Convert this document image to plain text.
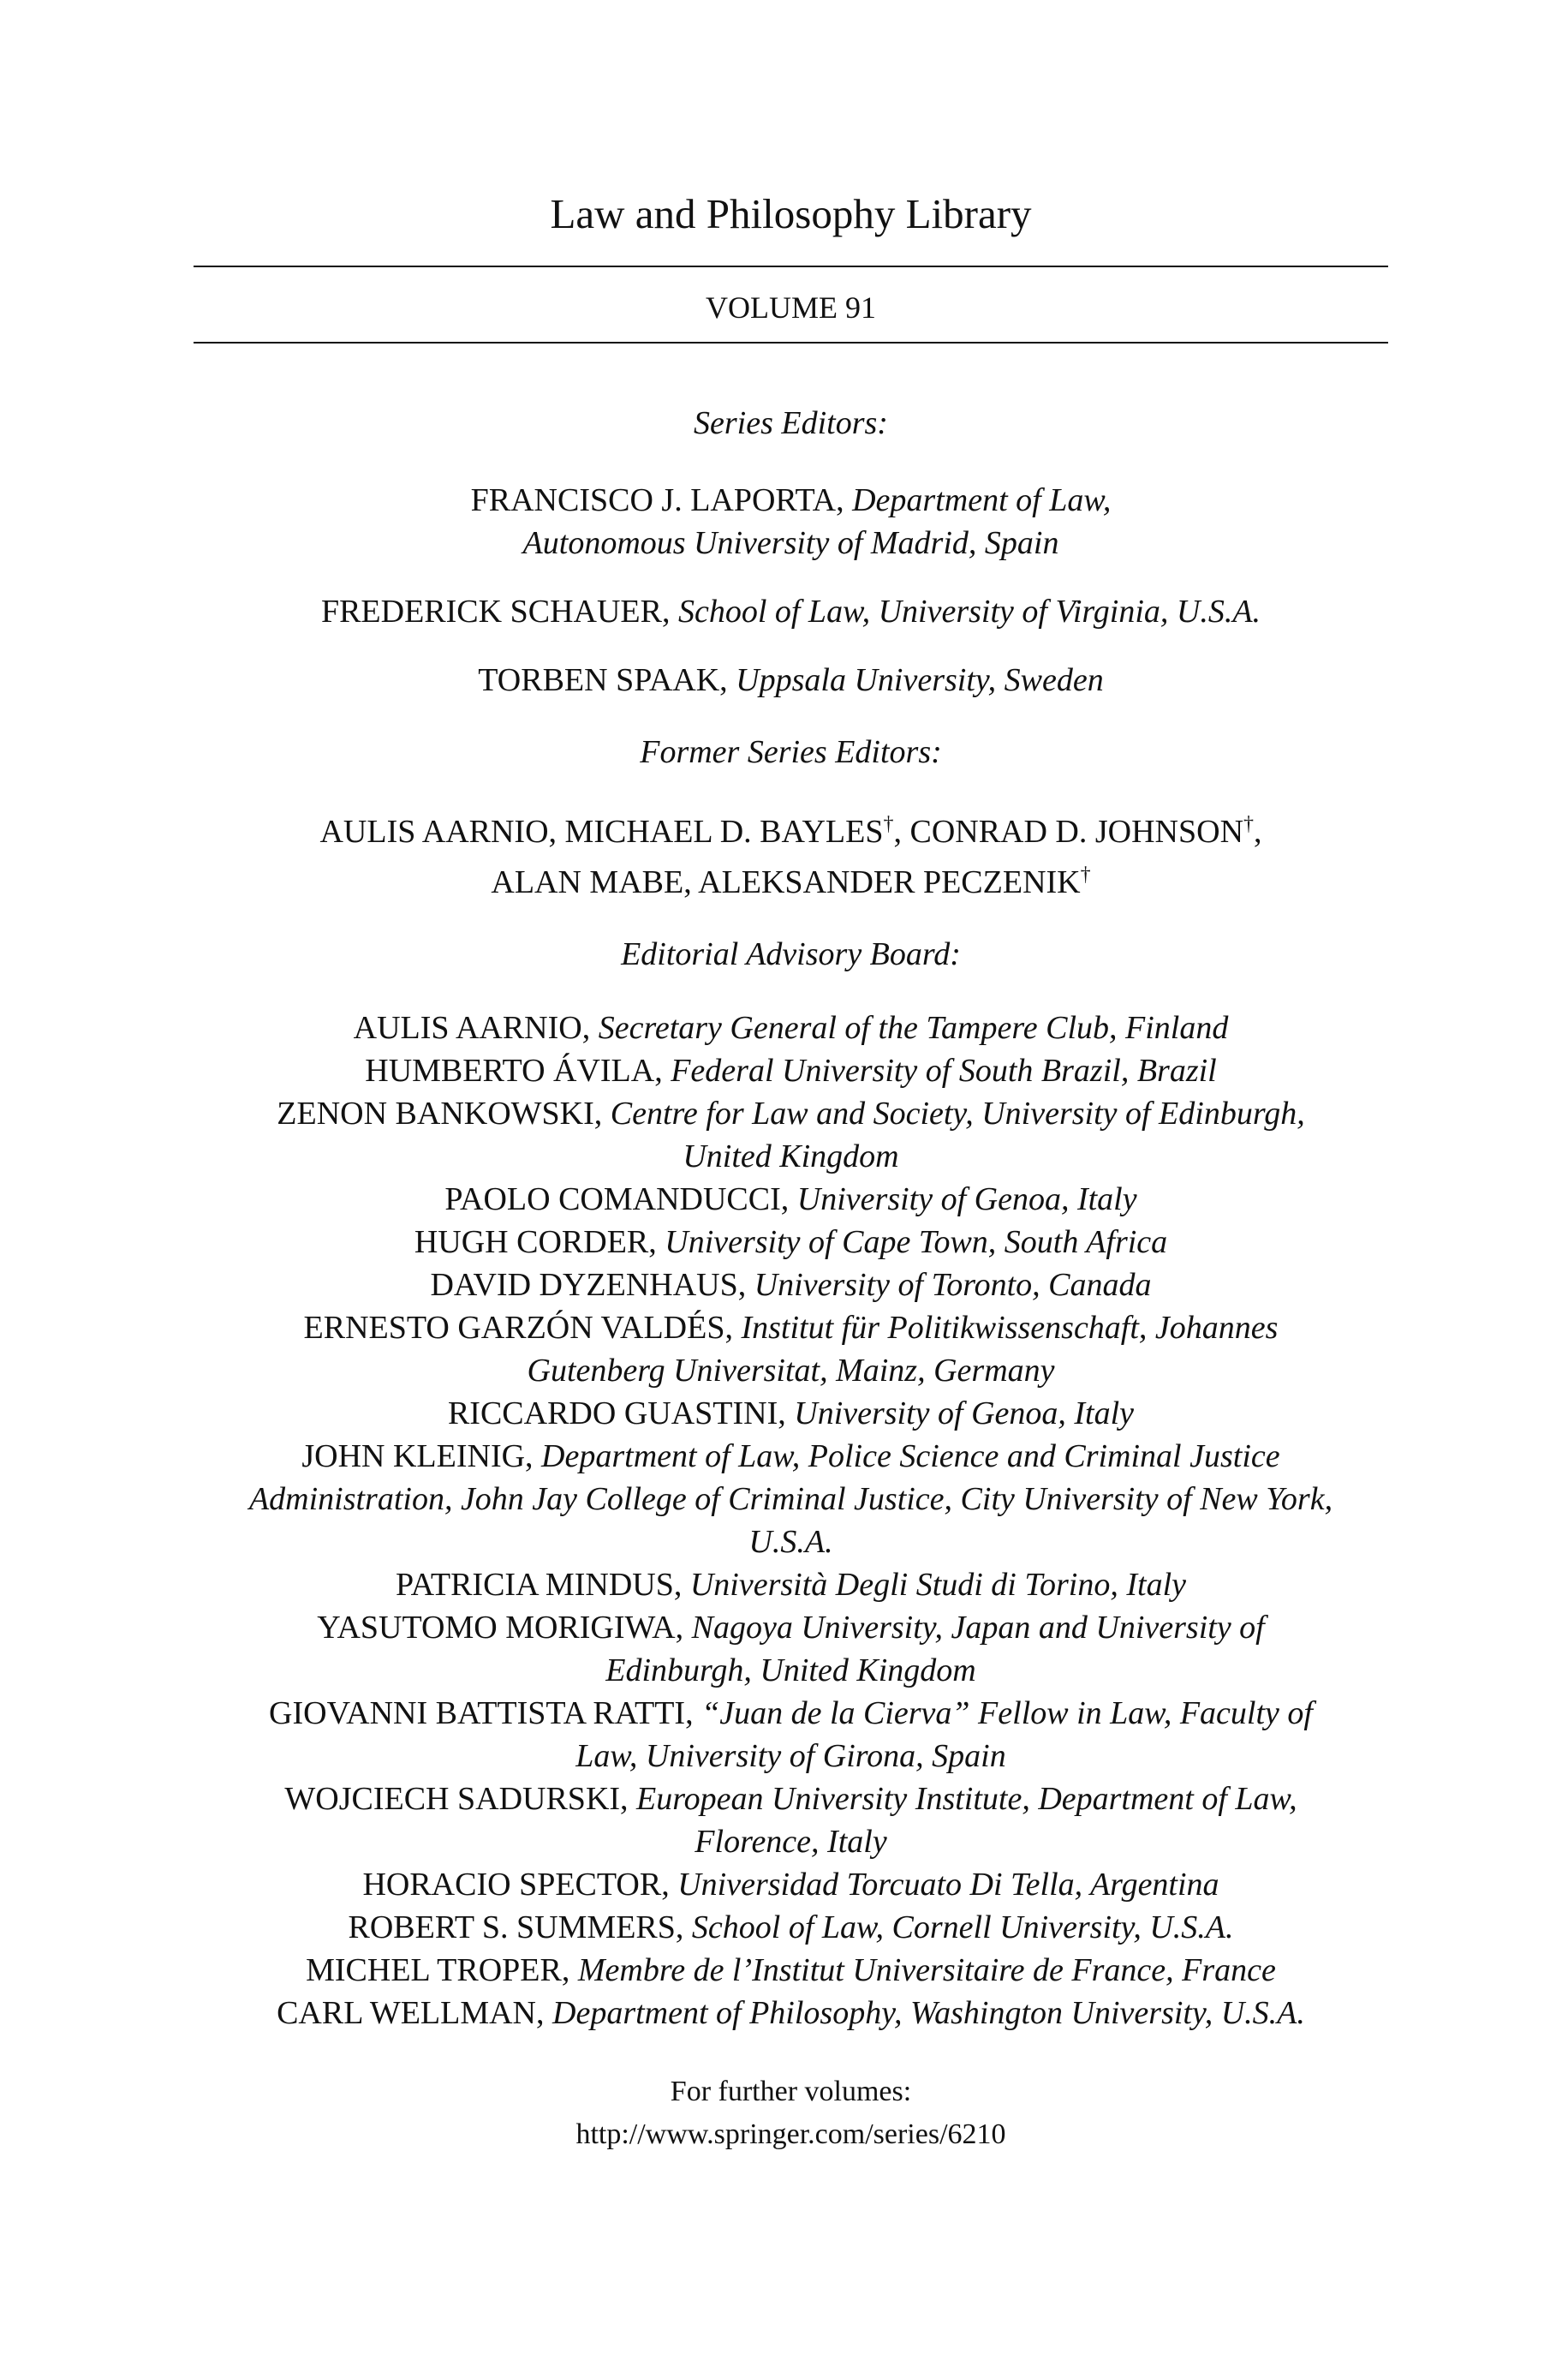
Law and Philosophy Library
VOLUME 91
Series Editors:
FRANCISCO J. LAPORTA, Department of Law,
Autonomous University of Madrid, Spain
FREDERICK SCHAUER, School of Law, University of Virginia, U.S.A.
TORBEN SPAAK, Uppsala University, Sweden
Former Series Editors:
AULIS AARNIO, MICHAEL D. BAYLES†, CONRAD D. JOHNSON†,
ALAN MABE, ALEKSANDER PECZENIK†
Editorial Advisory Board:
AULIS AARNIO, Secretary General of the Tampere Club, Finland
HUMBERTO ÁVILA, Federal University of South Brazil, Brazil
ZENON BANKOWSKI, Centre for Law and Society, University of Edinburgh,
United Kingdom
PAOLO COMANDUCCI, University of Genoa, Italy
HUGH CORDER, University of Cape Town, South Africa
DAVID DYZENHAUS, University of Toronto, Canada
ERNESTO GARZÓN VALDÉS, Institut für Politikwissenschaft, Johannes
Gutenberg Universitat, Mainz, Germany
RICCARDO GUASTINI, University of Genoa, Italy
JOHN KLEINIG, Department of Law, Police Science and Criminal Justice
Administration, John Jay College of Criminal Justice, City University of New York,
U.S.A.
PATRICIA MINDUS, Università Degli Studi di Torino, Italy
YASUTOMO MORIGIWA, Nagoya University, Japan and University of
Edinburgh, United Kingdom
GIOVANNI BATTISTA RATTI, “Juan de la Cierva” Fellow in Law, Faculty of
Law, University of Girona, Spain
WOJCIECH SADURSKI, European University Institute, Department of Law,
Florence, Italy
HORACIO SPECTOR, Universidad Torcuato Di Tella, Argentina
ROBERT S. SUMMERS, School of Law, Cornell University, U.S.A.
MICHEL TROPER, Membre de l’Institut Universitaire de France, France
CARL WELLMAN, Department of Philosophy, Washington University, U.S.A.
For further volumes:
http://www.springer.com/series/6210
